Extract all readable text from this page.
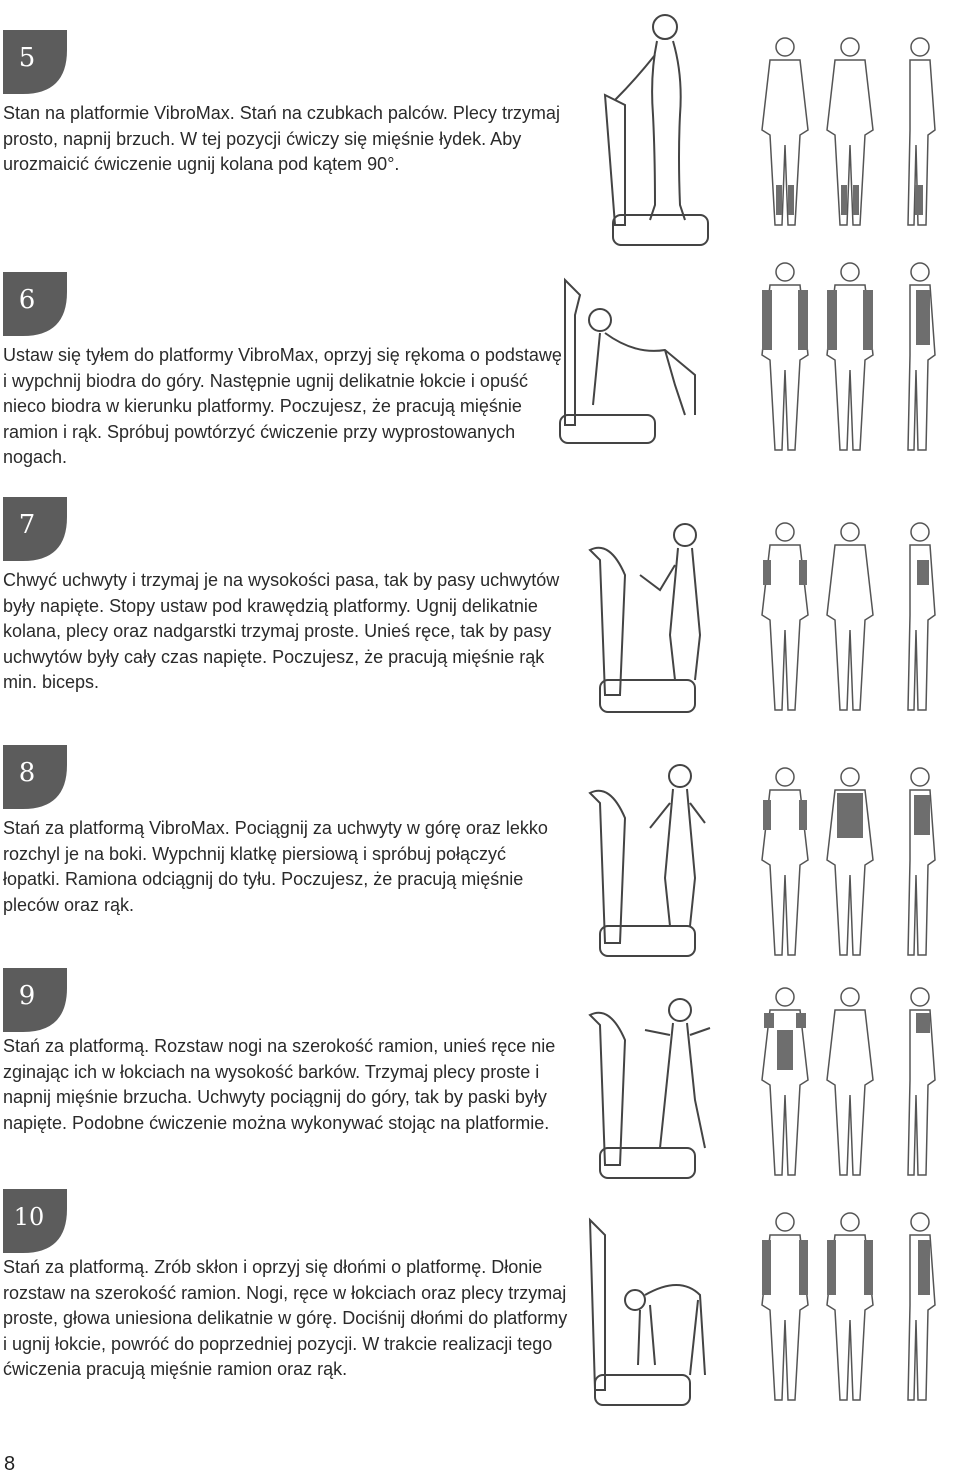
5
Stan na platformie VibroMax. Stań na czubkach palców. Plecy trzymaj prosto, napnij brzuch. W tej pozycji ćwiczy się mięśnie łydek. Aby urozmaicić ćwiczenie ugnij kolana pod kątem 90°.
6
Ustaw się tyłem do platformy VibroMax, oprzyj się rękoma o podstawę i wypchnij biodra do góry. Następnie ugnij delikatnie łokcie i opuść nieco biodra w kierunku platformy. Poczujesz, że pracują mięśnie ramion i rąk. Spróbuj powtórzyć ćwiczenie przy wyprostowanych nogach.
7
Chwyć uchwyty i trzymaj je na wysokości pasa, tak by pasy uchwytów były napięte. Stopy ustaw pod krawędzią platformy. Ugnij delikatnie kolana, plecy oraz nadgarstki trzymaj proste. Unieś ręce, tak by pasy uchwytów były cały czas napięte. Poczujesz, że pracują mięśnie rąk min. biceps.
8
Stań za platformą VibroMax. Pociągnij za uchwyty w górę oraz lekko rozchyl je na boki. Wypchnij klatkę piersiową i spróbuj połączyć łopatki. Ramiona odciągnij do tyłu. Poczujesz, że pracują mięśnie pleców oraz rąk.
9
Stań za platformą. Rozstaw nogi na szerokość ramion, unieś ręce nie zginając ich w łokciach na wysokość barków. Trzymaj plecy proste i napnij mięśnie brzucha. Uchwyty pociągnij do góry, tak by paski były napięte. Podobne ćwiczenie można wykonywać stojąc na platformie.
10
Stań za platformą. Zrób skłon i oprzyj się dłońmi o platformę. Dłonie rozstaw na szerokość ramion. Nogi, ręce w łokciach oraz plecy trzymaj proste, głowa uniesiona delikatnie w górę. Dociśnij dłońmi do platformy i ugnij łokcie, powróć do poprzedniej pozycji. W trakcie realizacji tego ćwiczenia pracują mięśnie ramion oraz rąk.
8
